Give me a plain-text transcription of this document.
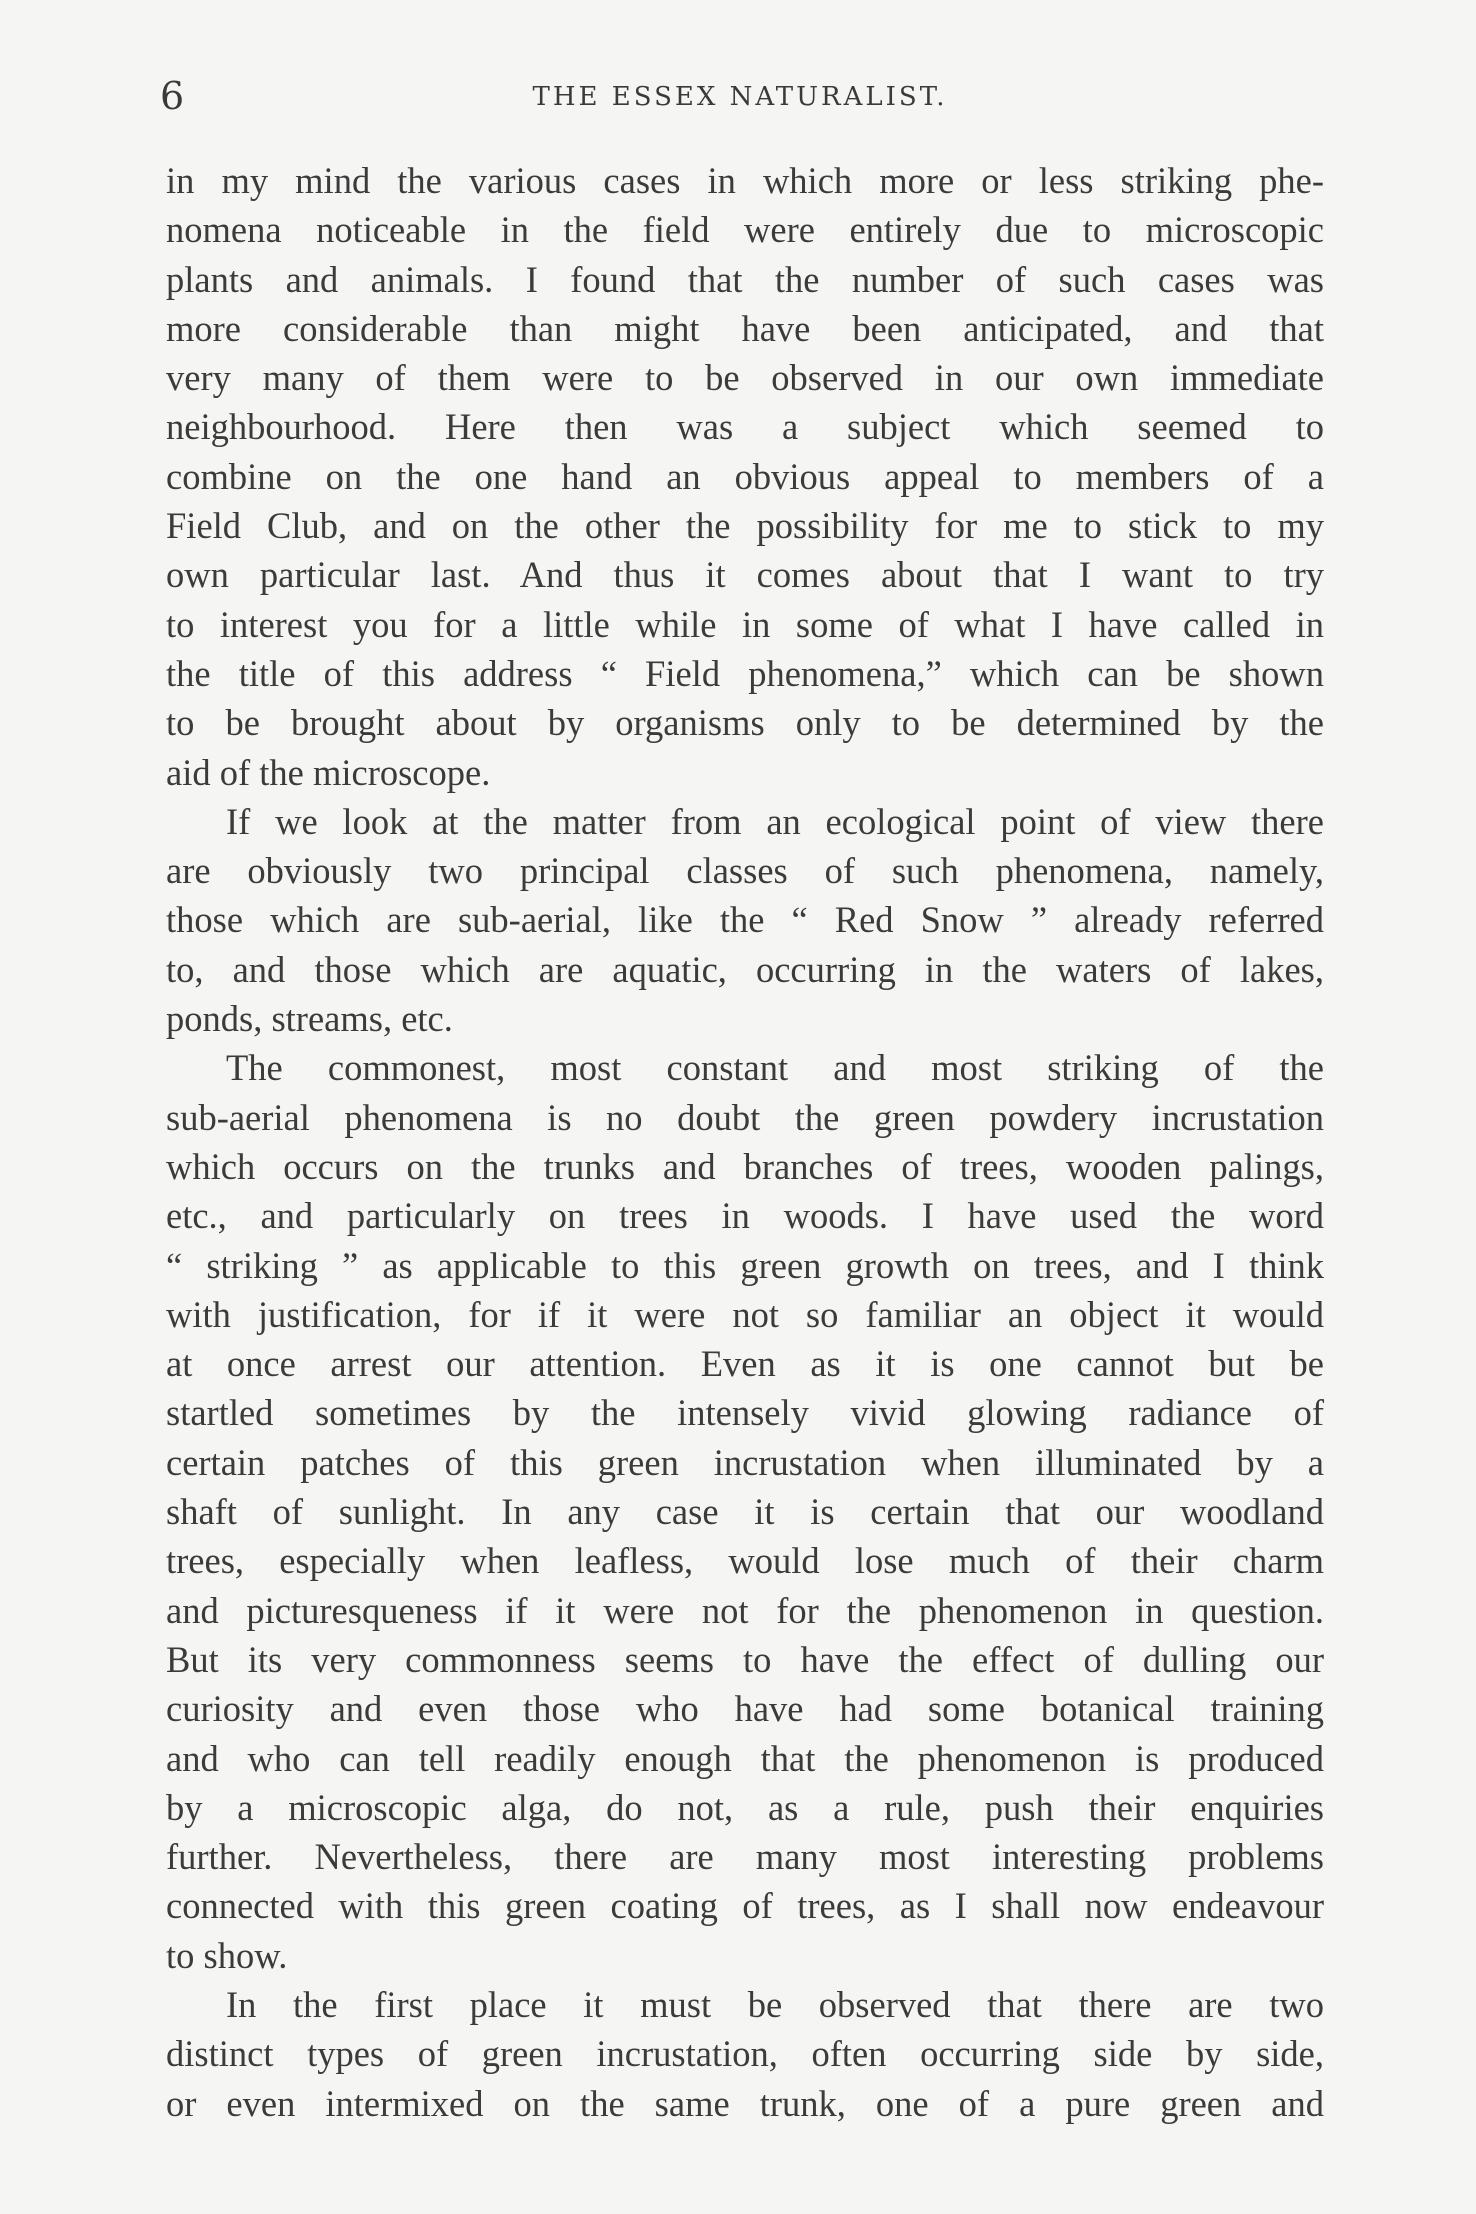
6	THE ESSEX NATURALIST.
in my mind the various cases in which more or less striking phe-
nomena noticeable in the field were entirely due to microscopic
plants and animals. I found that the number of such cases was
more considerable than might have been anticipated, and that
very many of them were to be observed in our own immediate
neighbourhood. Here then was a subject which seemed to
combine on the one hand an obvious appeal to members of a
Field Club, and on the other the possibility for me to stick to my
own particular last. And thus it comes about that I want to try
to interest you for a little while in some of what I have called in
the title of this address “ Field phenomena,” which can be shown
to be brought about by organisms only to be determined by the
aid of the microscope.
If we look at the matter from an ecological point of view there
are obviously two principal classes of such phenomena, namely,
those which are sub-aerial, like the “ Red Snow ” already referred
to, and those which are aquatic, occurring in the waters of lakes,
ponds, streams, etc.
The commonest, most constant and most striking of the
sub-aerial phenomena is no doubt the green powdery incrustation
which occurs on the trunks and branches of trees, wooden palings,
etc., and particularly on trees in woods. I have used the word
“ striking ” as applicable to this green growth on trees, and I think
with justification, for if it were not so familiar an object it would
at once arrest our attention. Even as it is one cannot but be
startled sometimes by the intensely vivid glowing radiance of
certain patches of this green incrustation when illuminated by a
shaft of sunlight. In any case it is certain that our woodland
trees, especially when leafless, would lose much of their charm
and picturesqueness if it were not for the phenomenon in question.
But its very commonness seems to have the effect of dulling our
curiosity and even those who have had some botanical training
and who can tell readily enough that the phenomenon is produced
by a microscopic alga, do not, as a rule, push their enquiries
further. Nevertheless, there are many most interesting problems
connected with this green coating of trees, as I shall now endeavour
to show.
In the first place it must be observed that there are two
distinct types of green incrustation, often occurring side by side,
or even intermixed on the same trunk, one of a pure green and
